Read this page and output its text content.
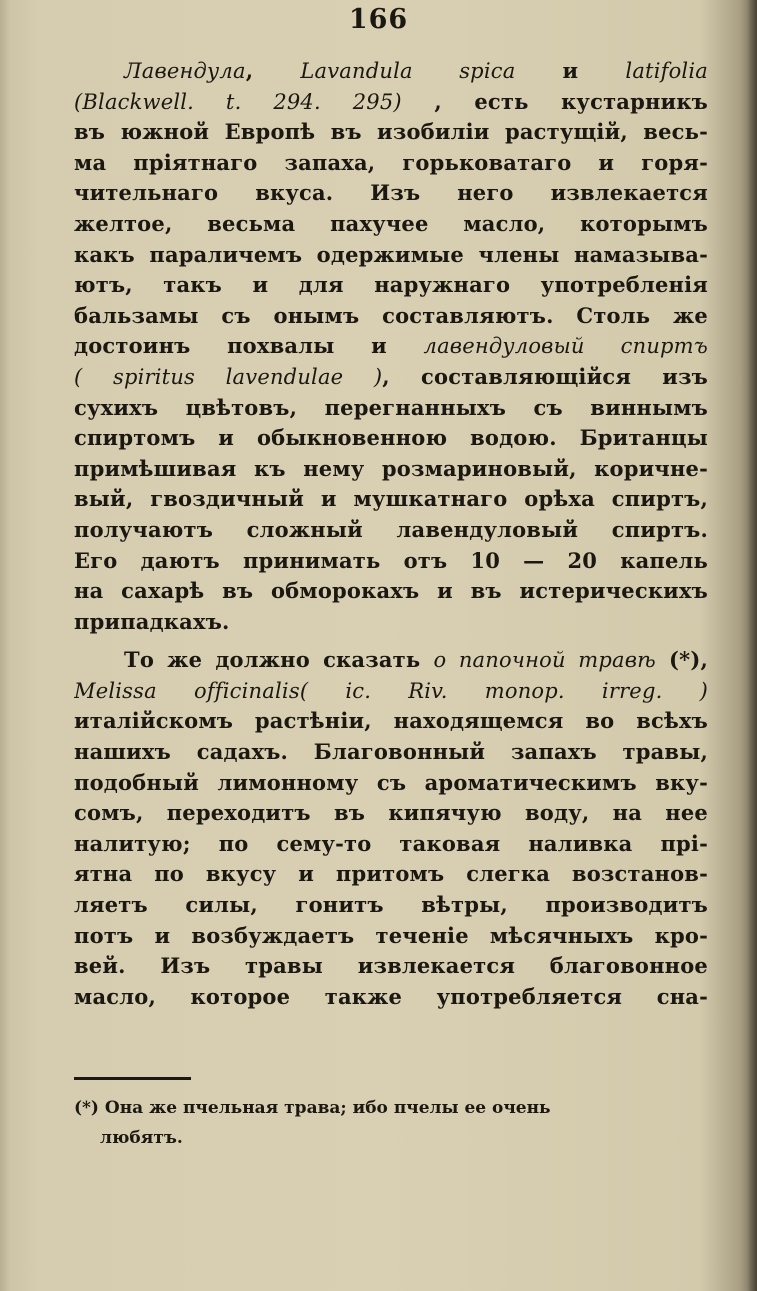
166
Лавендула, Lavandula spica и latifolia
(Blackwell. t. 294. 295) , есть кустарникъ
въ южной Европѣ въ изобиліи растущій, весь-
ма пріятнаго запаха, горьковатаго и горя-
чительнаго вкуса. Изъ него извлекается
желтое, весьма пахучее масло, которымъ
какъ параличемъ одержимые члены намазыва-
ютъ, такъ и для наружнаго употребленія
бальзамы съ онымъ составляютъ. Столь же
достоинъ похвалы и лавендуловый спиртъ
( spiritus lavendulae ), составляющійся изъ
сухихъ цвѣтовъ, перегнанныхъ съ виннымъ
спиртомъ и обыкновенною водою. Британцы
примѣшивая къ нему розмариновый, коричне-
вый, гвоздичный и мушкатнаго орѣха спиртъ,
получаютъ сложный лавендуловый спиртъ.
Его даютъ принимать отъ 10 — 20 капель
на сахарѣ въ обморокахъ и въ истерическихъ
припадкахъ.
То же должно сказать о папочной травѣ (*),
Melissa officinalis( ic. Riv. monop. irreg. )
италійскомъ растѣніи, находящемся во всѣхъ
нашихъ садахъ. Благовонный запахъ травы,
подобный лимонному съ ароматическимъ вку-
сомъ, переходитъ въ кипячую воду, на нее
налитую; по сему-то таковая наливка прі-
ятна по вкусу и притомъ слегка возстанов-
ляетъ силы, гонитъ вѣтры, производитъ
потъ и возбуждаетъ теченіе мѣсячныхъ кро-
вей. Изъ травы извлекается благовонное
масло, котороe также употребляется сна-
(*) Она же пчельная трава; ибо пчелы ее очень
любятъ.
